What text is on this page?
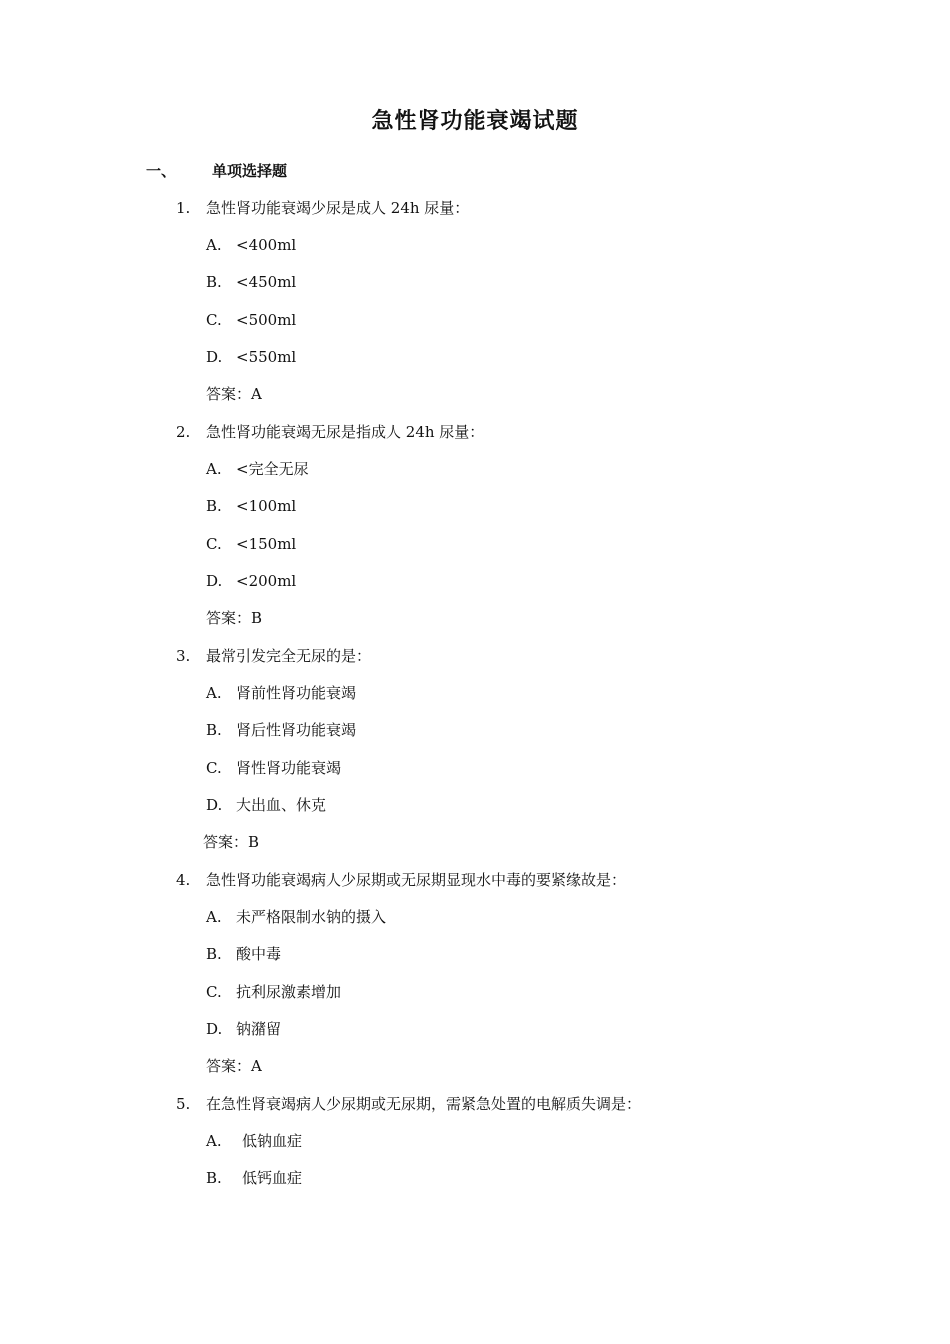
急性肾功能衰竭试题
一、 单项选择题
1. 急性肾功能衰竭少尿是成人 24h 尿量：
A. <400ml
B. <450ml
C. <500ml
D. <550ml
答案：A
2. 急性肾功能衰竭无尿是指成人 24h 尿量：
A. <完全无尿
B. <100ml
C. <150ml
D. <200ml
答案：B
3. 最常引发完全无尿的是：
A. 肾前性肾功能衰竭
B. 肾后性肾功能衰竭
C. 肾性肾功能衰竭
D. 大出血、休克
答案：B
4. 急性肾功能衰竭病人少尿期或无尿期显现水中毒的要紧缘故是：
A. 未严格限制水钠的摄入
B. 酸中毒
C. 抗利尿激素增加
D. 钠潴留
答案：A
5. 在急性肾衰竭病人少尿期或无尿期，需紧急处置的电解质失调是：
A. 低钠血症
B. 低钙血症
